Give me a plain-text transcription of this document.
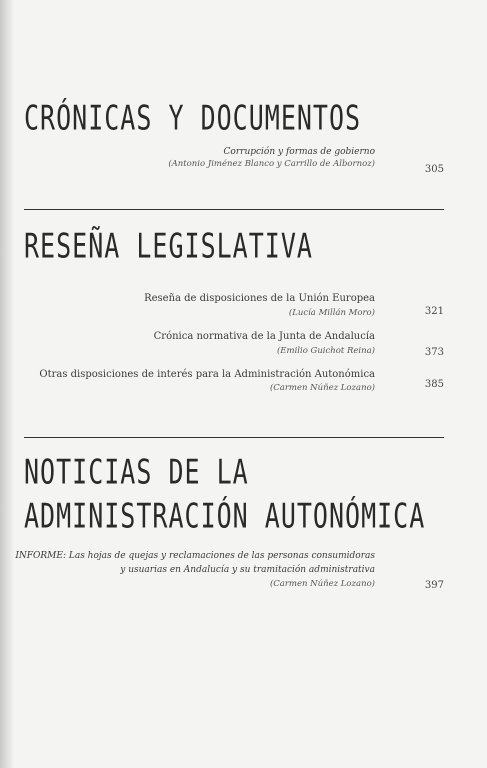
CRÓNICAS Y DOCUMENTOS
Corrupción y formas de gobierno
(Antonio Jiménez Blanco y Carrillo de Albornoz)	305
RESEÑA LEGISLATIVA
Reseña de disposiciones de la Unión Europea
(Lucía Millán Moro)	321
Crónica normativa de la Junta de Andalucía
(Emilio Guichot Reina)	373
Otras disposiciones de interés para la Administración Autonómica
(Carmen Núñez Lozano)	385
NOTICIAS DE LA
ADMINISTRACIÓN AUTONÓMICA
INFORME: Las hojas de quejas y reclamaciones de las personas consumidoras
y usuarias en Andalucía y su tramitación administrativa
(Carmen Núñez Lozano)	397
